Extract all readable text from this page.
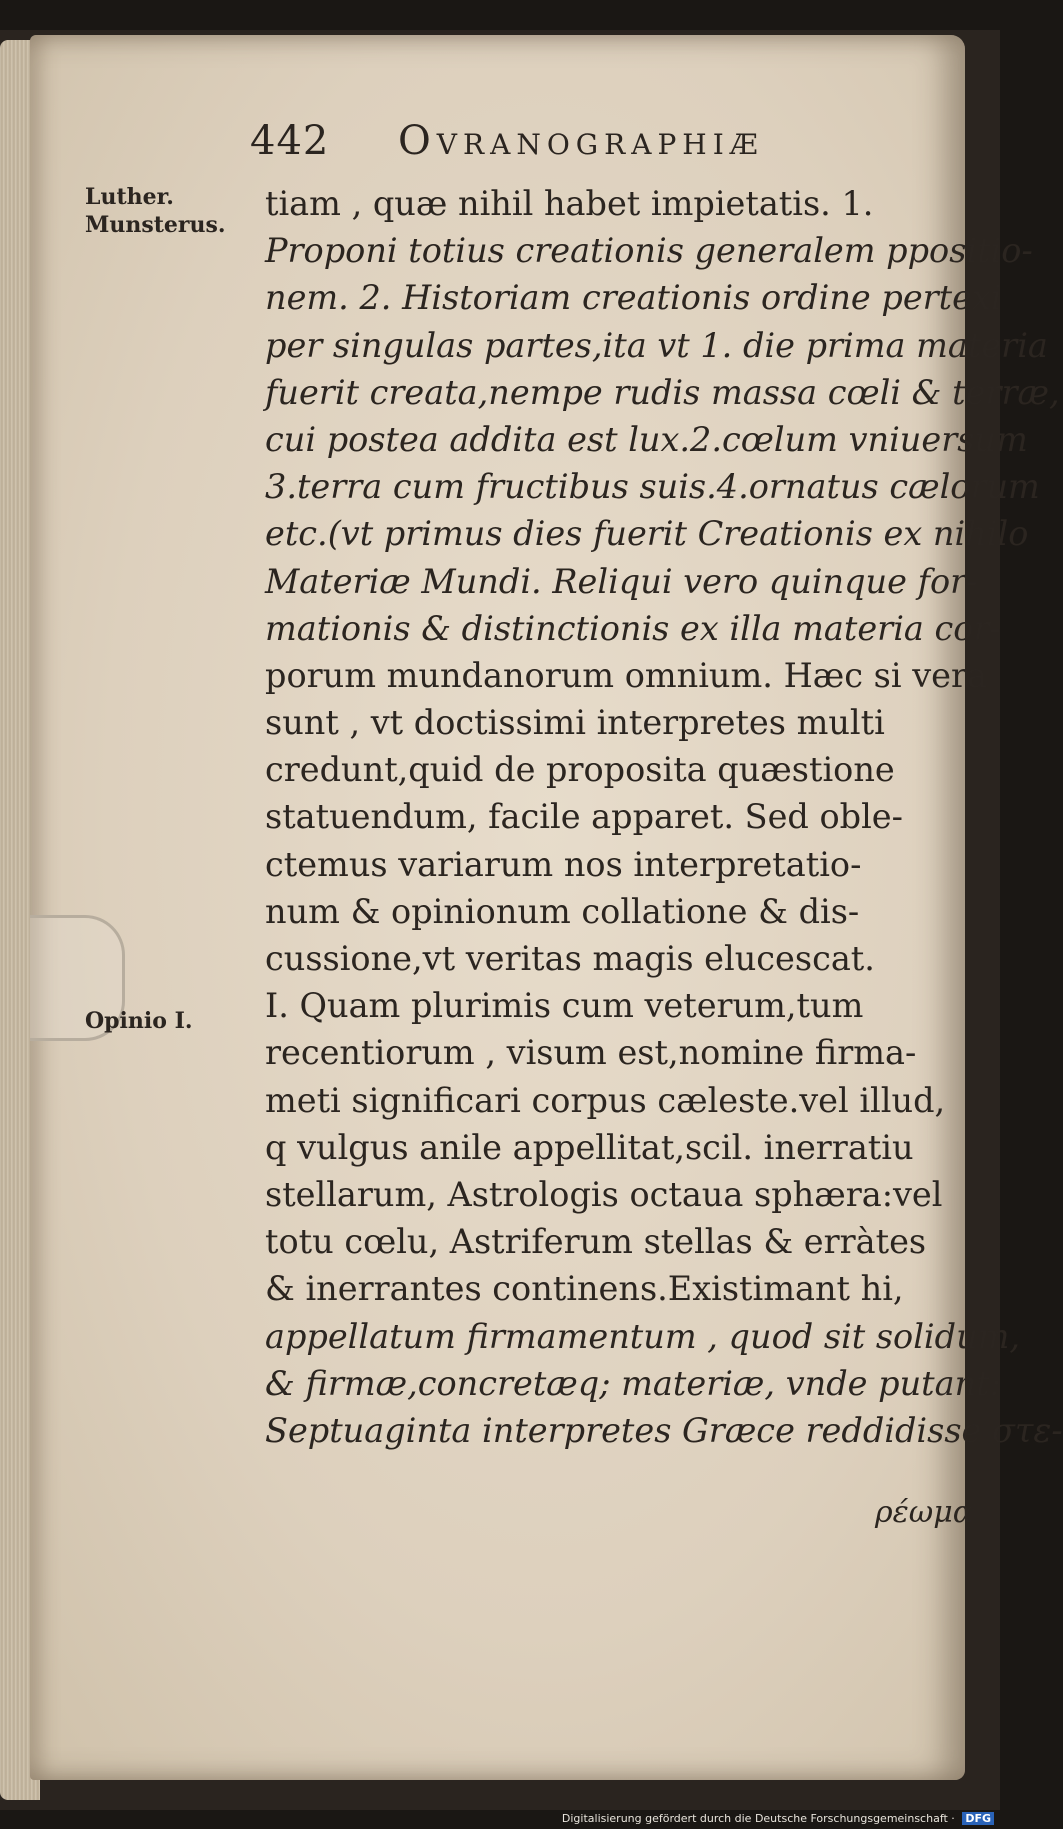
442 Ovranographiæ
Luther.
Munsterus.
Opinio I.
tiam , quæ nihil habet impietatis. 1.
Proponi totius creationis generalem ppositio-
nem. 2. Historiam creationis ordine pertexi
per singulas partes,ita vt 1. die prima materia
fuerit creata,nempe rudis massa cœli & terræ,
cui postea addita est lux.2.cœlum vniuersum
3.terra cum fructibus suis.4.ornatus cælorum
etc.(vt primus dies fuerit Creationis ex nihilo
Materiæ Mundi. Reliqui vero quinque for-
mationis & distinctionis ex illa materia cor-
porum mundanorum omnium. Hæc si vera
sunt , vt doctissimi interpretes multi
credunt,quid de proposita quæstione
statuendum, facile apparet. Sed oble-
ctemus variarum nos interpretatio-
num & opinionum collatione & dis-
cussione,vt veritas magis elucescat.
I. Quam plurimis cum veterum,tum
recentiorum , visum est,nomine firma-
meti significari corpus cæleste.vel illud,
q vulgus anile appellitat,scil. inerratiu
stellarum, Astrologis octaua sphæra:vel
totu cœlu, Astriferum stellas & erràtes
& inerrantes continens.Existimant hi,
appellatum firmamentum , quod sit solidum,
& firmæ,concretæq; materiæ, vnde putant:
Septuaginta interpretes Græce reddidisse στε-
ρέωμα
Digitalisierung gefördert durch die Deutsche Forschungsgemeinschaft · DFG
